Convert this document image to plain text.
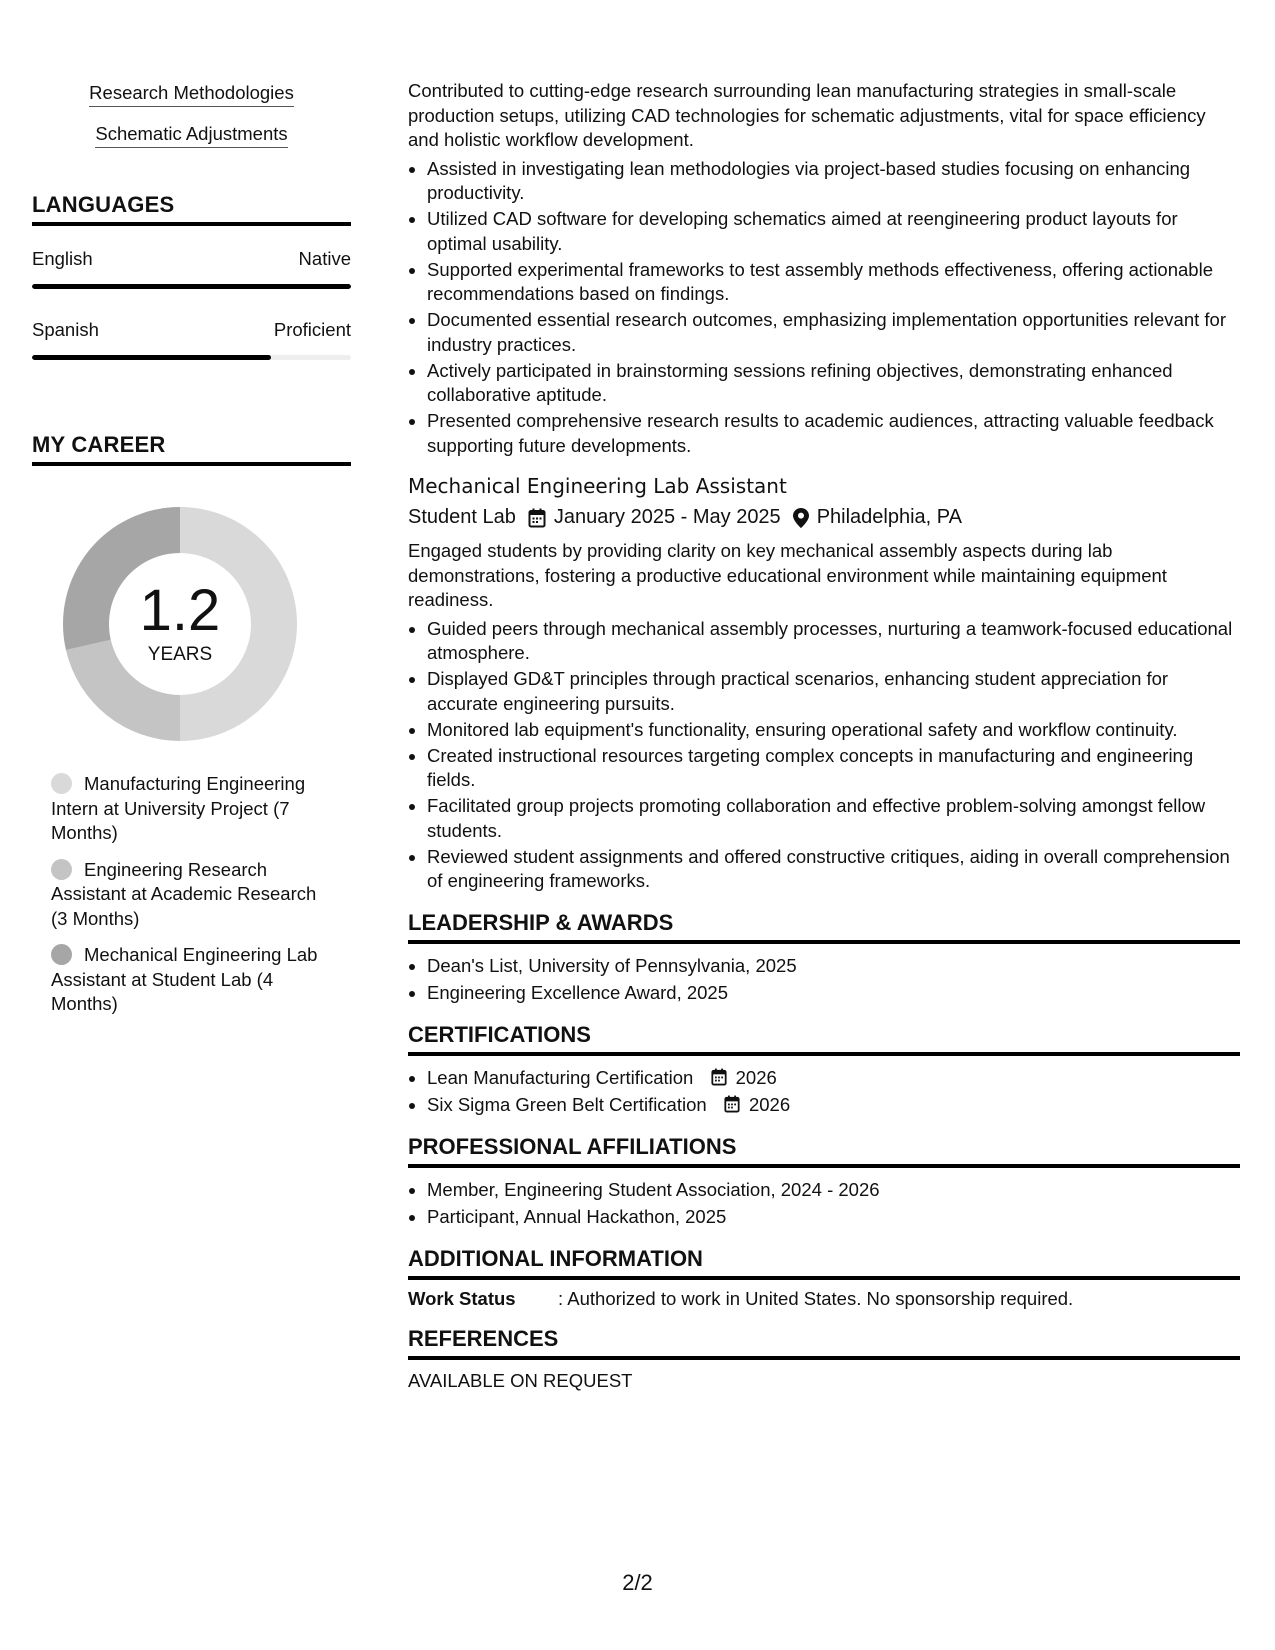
Research Methodologies
Schematic Adjustments
LANGUAGES
English	Native
Spanish	Proficient
MY CAREER
1.2
YEARS
Manufacturing Engineering Intern at University Project (7 Months)
Engineering Research Assistant at Academic Research (3 Months)
Mechanical Engineering Lab Assistant at Student Lab (4 Months)

Contributed to cutting-edge research surrounding lean manufacturing strategies in small-scale production setups, utilizing CAD technologies for schematic adjustments, vital for space efficiency and holistic workflow development.

• Assisted in investigating lean methodologies via project-based studies focusing on enhancing productivity.
• Utilized CAD software for developing schematics aimed at reengineering product layouts for optimal usability.
• Supported experimental frameworks to test assembly methods effectiveness, offering actionable recommendations based on findings.
• Documented essential research outcomes, emphasizing implementation opportunities relevant for industry practices.
• Actively participated in brainstorming sessions refining objectives, demonstrating enhanced collaborative aptitude.
• Presented comprehensive research results to academic audiences, attracting valuable feedback supporting future developments.
Mechanical Engineering Lab Assistant
Student Lab January 2025 - May 2025 Philadelphia, PA

Engaged students by providing clarity on key mechanical assembly aspects during lab demonstrations, fostering a productive educational environment while maintaining equipment readiness.

• Guided peers through mechanical assembly processes, nurturing a teamwork-focused educational atmosphere.
• Displayed GD&T principles through practical scenarios, enhancing student appreciation for accurate engineering pursuits.
• Monitored lab equipment's functionality, ensuring operational safety and workflow continuity.
• Created instructional resources targeting complex concepts in manufacturing and engineering fields.
• Facilitated group projects promoting collaboration and effective problem-solving amongst fellow students.
• Reviewed student assignments and offered constructive critiques, aiding in overall comprehension of engineering frameworks.
LEADERSHIP & AWARDS
• Dean's List, University of Pennsylvania, 2025
• Engineering Excellence Award, 2025
CERTIFICATIONS
• Lean Manufacturing Certification 2026
• Six Sigma Green Belt Certification 2026
PROFESSIONAL AFFILIATIONS
• Member, Engineering Student Association, 2024 - 2026
• Participant, Annual Hackathon, 2025
ADDITIONAL INFORMATION
Work Status	: Authorized to work in United States. No sponsorship required.
REFERENCES
AVAILABLE ON REQUEST
2/2
